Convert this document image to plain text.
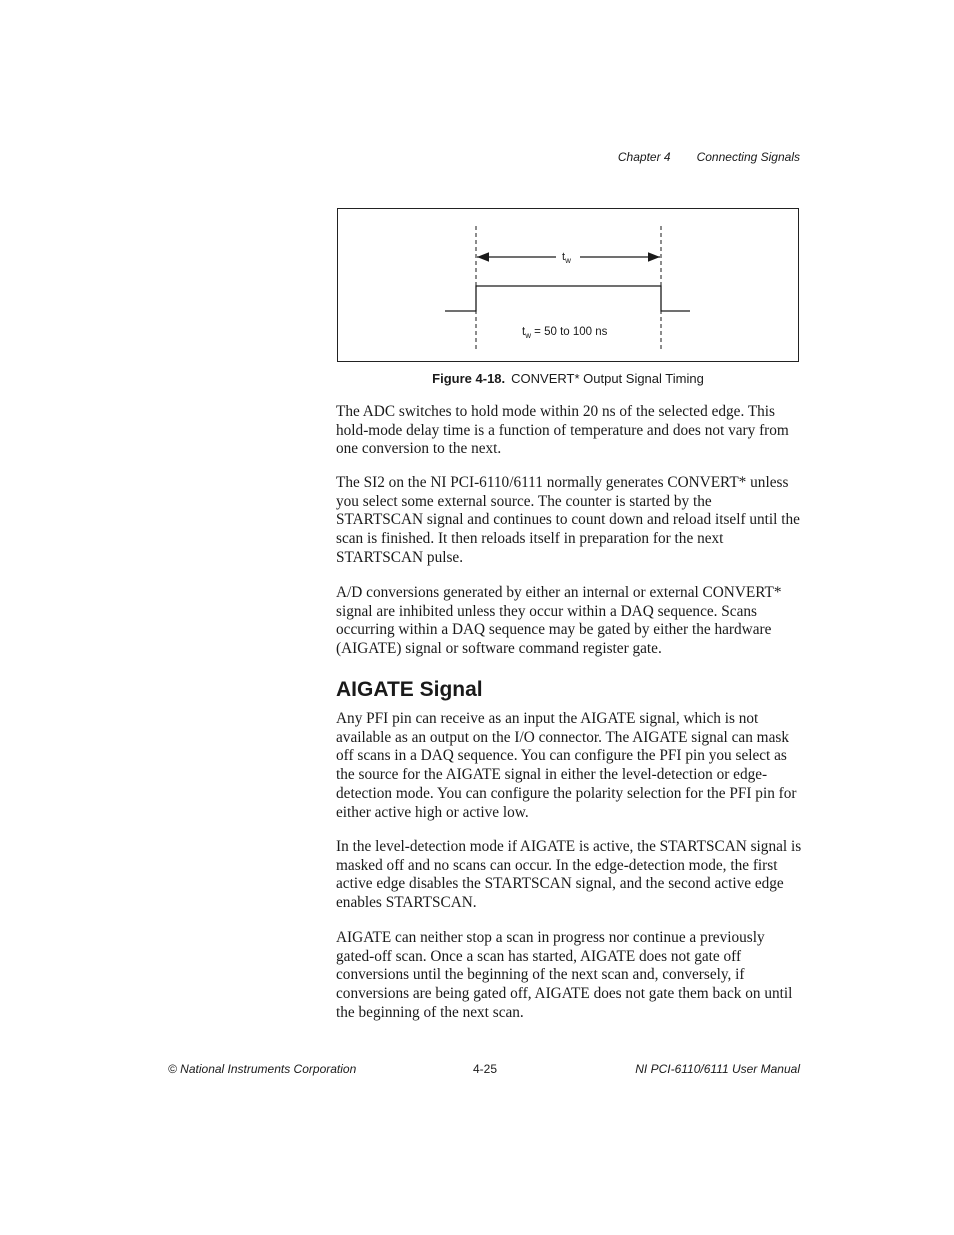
Chapter 4 Connecting Signals
$t_w$
$t_w = 50$ to 100 ns
Figure 4-18. CONVERT* Output Signal Timing

The ADC switches to hold mode within 20 ns of the selected edge. This hold-mode delay time is a function of temperature and does not vary from one conversion to the next.

The SI2 on the NI PCI-6110/6111 normally generates CONVERT* unless you select some external source. The counter is started by the STARTSCAN signal and continues to count down and reload itself until the scan is finished. It then reloads itself in preparation for the next STARTSCAN pulse.

A/D conversions generated by either an internal or external CONVERT* signal are inhibited unless they occur within a DAQ sequence. Scans occurring within a DAQ sequence may be gated by either the hardware (AIGATE) signal or software command register gate.

AIGATE Signal

Any PFI pin can receive as an input the AIGATE signal, which is not available as an output on the I/O connector. The AIGATE signal can mask off scans in a DAQ sequence. You can configure the PFI pin you select as the source for the AIGATE signal in either the level-detection or edge-detection mode. You can configure the polarity selection for the PFI pin for either active high or active low.

In the level-detection mode if AIGATE is active, the STARTSCAN signal is masked off and no scans can occur. In the edge-detection mode, the first active edge disables the STARTSCAN signal, and the second active edge enables STARTSCAN.

AIGATE can neither stop a scan in progress nor continue a previously gated-off scan. Once a scan has started, AIGATE does not gate off conversions until the beginning of the next scan and, conversely, if conversions are being gated off, AIGATE does not gate them back on until the beginning of the next scan.

© National Instruments Corporation	4-25	NI PCI-6110/6111 User Manual
